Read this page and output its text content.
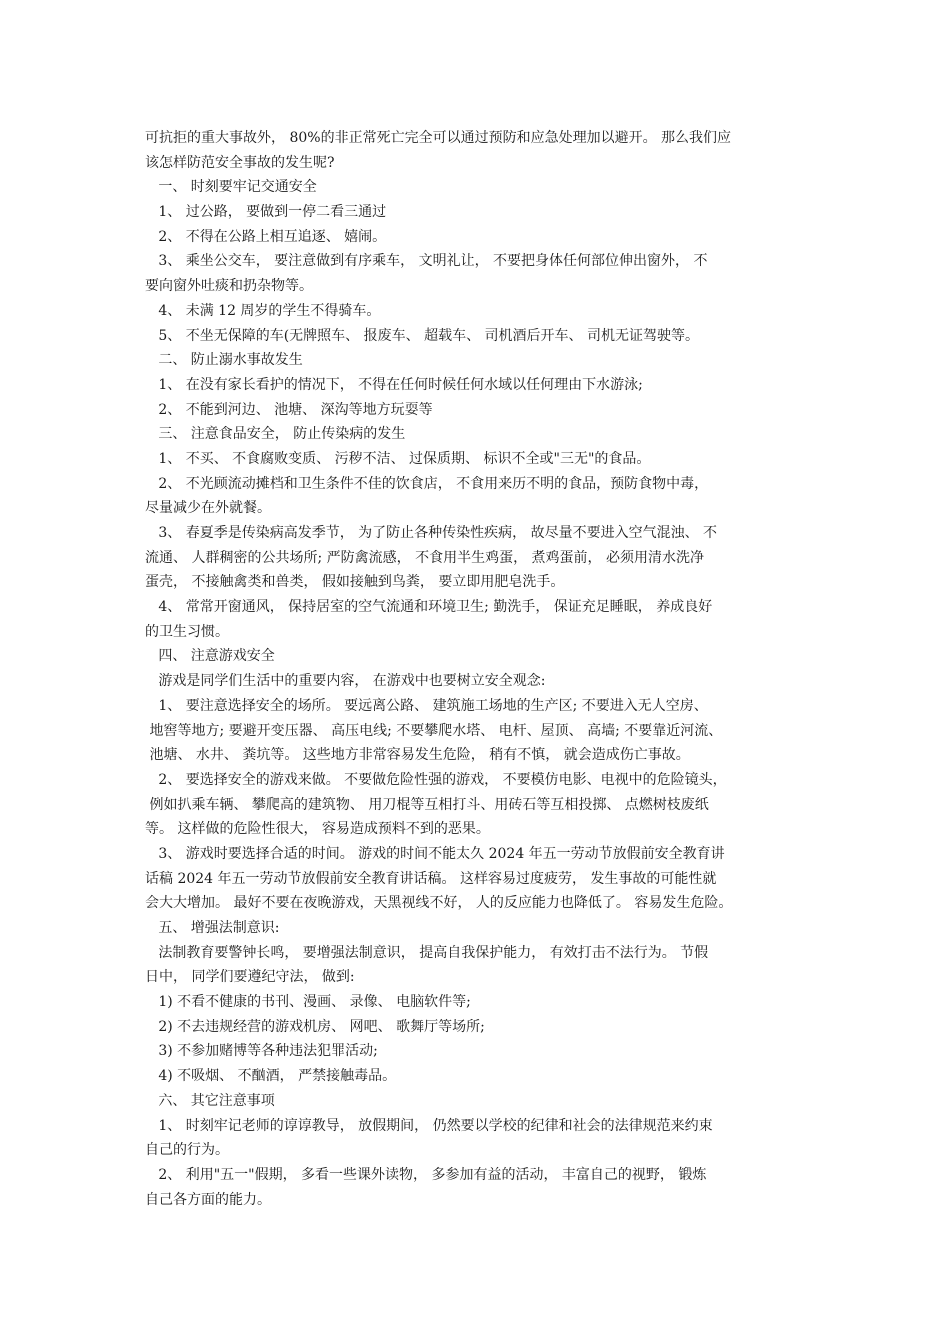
可抗拒的重大事故外， 80%的非正常死亡完全可以通过预防和应急处理加以避开。 那么我们应
该怎样防范安全事故的发生呢?
一、 时刻要牢记交通安全
1、 过公路， 要做到一停二看三通过
2、 不得在公路上相互追逐、 嬉闹。
3、 乘坐公交车， 要注意做到有序乘车， 文明礼让， 不要把身体任何部位伸出窗外， 不
要向窗外吐痰和扔杂物等。
4、 未满 12 周岁的学生不得骑车。
5、 不坐无保障的车(无牌照车、 报废车、 超载车、 司机酒后开车、 司机无证驾驶等。
二、 防止溺水事故发生
1、 在没有家长看护的情况下， 不得在任何时候任何水域以任何理由下水游泳;
2、 不能到河边、 池塘、 深沟等地方玩耍等
三、 注意食品安全， 防止传染病的发生
1、 不买、 不食腐败变质、 污秽不洁、 过保质期、 标识不全或"三无"的食品。
2、 不光顾流动摊档和卫生条件不佳的饮食店， 不食用来历不明的食品，预防食物中毒，
尽量减少在外就餐。
3、 春夏季是传染病高发季节， 为了防止各种传染性疾病， 故尽量不要进入空气混浊、 不
流通、 人群稠密的公共场所; 严防禽流感， 不食用半生鸡蛋， 煮鸡蛋前， 必须用清水洗净
蛋壳， 不接触禽类和兽类， 假如接触到鸟粪， 要立即用肥皂洗手。
4、 常常开窗通风， 保持居室的空气流通和环境卫生; 勤洗手， 保证充足睡眠， 养成良好
的卫生习惯。
四、 注意游戏安全
游戏是同学们生活中的重要内容， 在游戏中也要树立安全观念:
1、 要注意选择安全的场所。 要远离公路、 建筑施工场地的生产区; 不要进入无人空房、
地窖等地方; 要避开变压器、 高压电线; 不要攀爬水塔、 电杆、屋顶、 高墙; 不要靠近河流、
池塘、 水井、 粪坑等。 这些地方非常容易发生危险， 稍有不慎， 就会造成伤亡事故。
2、 要选择安全的游戏来做。 不要做危险性强的游戏， 不要模仿电影、电视中的危险镜头，
例如扒乘车辆、 攀爬高的建筑物、 用刀棍等互相打斗、用砖石等互相投掷、 点燃树枝废纸
等。 这样做的危险性很大， 容易造成预料不到的恶果。
3、 游戏时要选择合适的时间。 游戏的时间不能太久 2024 年五一劳动节放假前安全教育讲
话稿 2024 年五一劳动节放假前安全教育讲话稿。 这样容易过度疲劳， 发生事故的可能性就
会大大增加。 最好不要在夜晚游戏，天黑视线不好， 人的反应能力也降低了。 容易发生危险。
五、 增强法制意识:
法制教育要警钟长鸣， 要增强法制意识， 提高自我保护能力， 有效打击不法行为。 节假
日中， 同学们要遵纪守法， 做到:
1) 不看不健康的书刊、漫画、 录像、 电脑软件等;
2) 不去违规经营的游戏机房、 网吧、 歌舞厅等场所;
3) 不参加赌博等各种违法犯罪活动;
4) 不吸烟、 不酗酒， 严禁接触毒品。
六、 其它注意事项
1、 时刻牢记老师的谆谆教导， 放假期间， 仍然要以学校的纪律和社会的法律规范来约束
自己的行为。
2、 利用"五一"假期， 多看一些课外读物， 多参加有益的活动， 丰富自己的视野， 锻炼
自己各方面的能力。
